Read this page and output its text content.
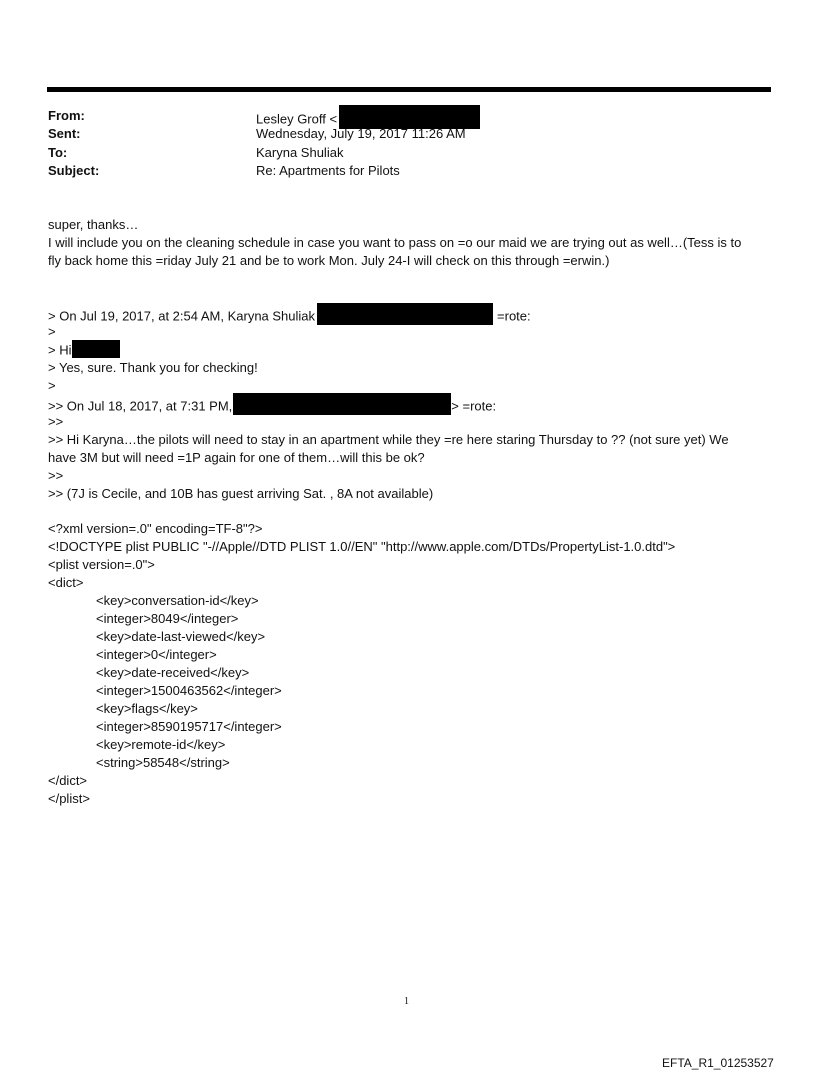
From:	Lesley Groff <
Sent:	Wednesday, July 19, 2017 11:26 AM
To:	Karyna Shuliak
Subject:	Re: Apartments for Pilots
super, thanks…
I will include you on the cleaning schedule in case you want to pass on =o our maid we are trying out as well…(Tess is to
fly back home this =riday July 21 and be to work Mon. July 24-I will check on this through =erwin.)
> On Jul 19, 2017, at 2:54 AM, Karyna Shuliak	=rote:
>
> Hi
> Yes, sure. Thank you for checking!
>
>> On Jul 18, 2017, at 7:31 PM,	> =rote:
>>
>> Hi Karyna…the pilots will need to stay in an apartment while they =re here staring Thursday to ?? (not sure yet) We
have 3M but will need =1P again for one of them…will this be ok?
>>
>> (7J is Cecile, and 10B has guest arriving Sat. , 8A not available)
<?xml version=.0" encoding=TF-8"?>
<!DOCTYPE plist PUBLIC "-//Apple//DTD PLIST 1.0//EN" "http://www.apple.com/DTDs/PropertyList-1.0.dtd">
<plist version=.0">
<dict>
<key>conversation-id</key>
<integer>8049</integer>
<key>date-last-viewed</key>
<integer>0</integer>
<key>date-received</key>
<integer>1500463562</integer>
<key>flags</key>
<integer>8590195717</integer>
<key>remote-id</key>
<string>58548</string>
</dict>
</plist>
1
EFTA_R1_01253527
